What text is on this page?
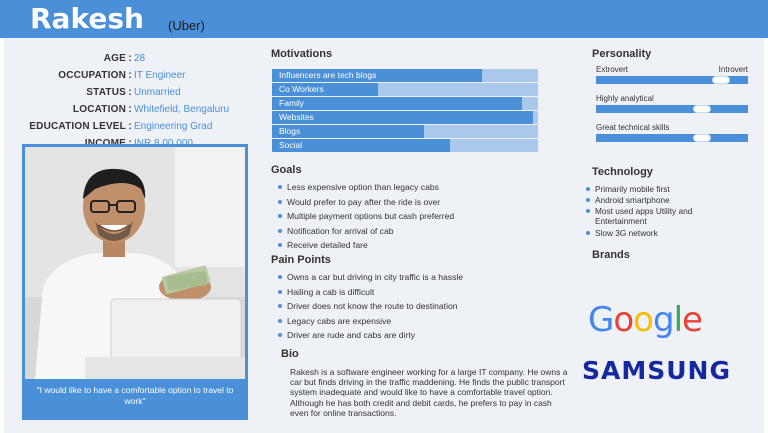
Rakesh (Uber)
AGE : 28
OCCUPATION : IT Engineer
STATUS : Unmarried
LOCATION : Whitefield, Bengaluru
EDUCATION LEVEL : Engineering Grad
"I would like to have a comfortable option to travel to work"
Motivations
Influencers are tech blogs
Co Workers
Family
Websites
Blogs
Social
Goals
Less expensive option than legacy cabs
Would prefer to pay after the ride is over
Multiple payment options but cash preferred
Notification for arrival of cab
Receive detailed fare
Pain Points
Owns a car but driving in city traffic is a hassle
Hailing a cab is difficult
Driver does not know the route to destination
Legacy cabs are expensive
Driver are rude and cabs are dirty
Bio
Rakesh is a software engineer working for a large IT company. He owns a car but finds driving in the traffic maddening. He finds the public transport system inadequate and would like to have a comfortable travel option. Although he has both credit and debit cards, he prefers to pay in cash even for online transactions.
Personality
Extrovert	Introvert
Highly analytical
Great technical skills
Technology
Primarily mobile first
Android smartphone
Most used apps Utility and Entertainment
Slow 3G network
Brands
Google
SAMSUNG
